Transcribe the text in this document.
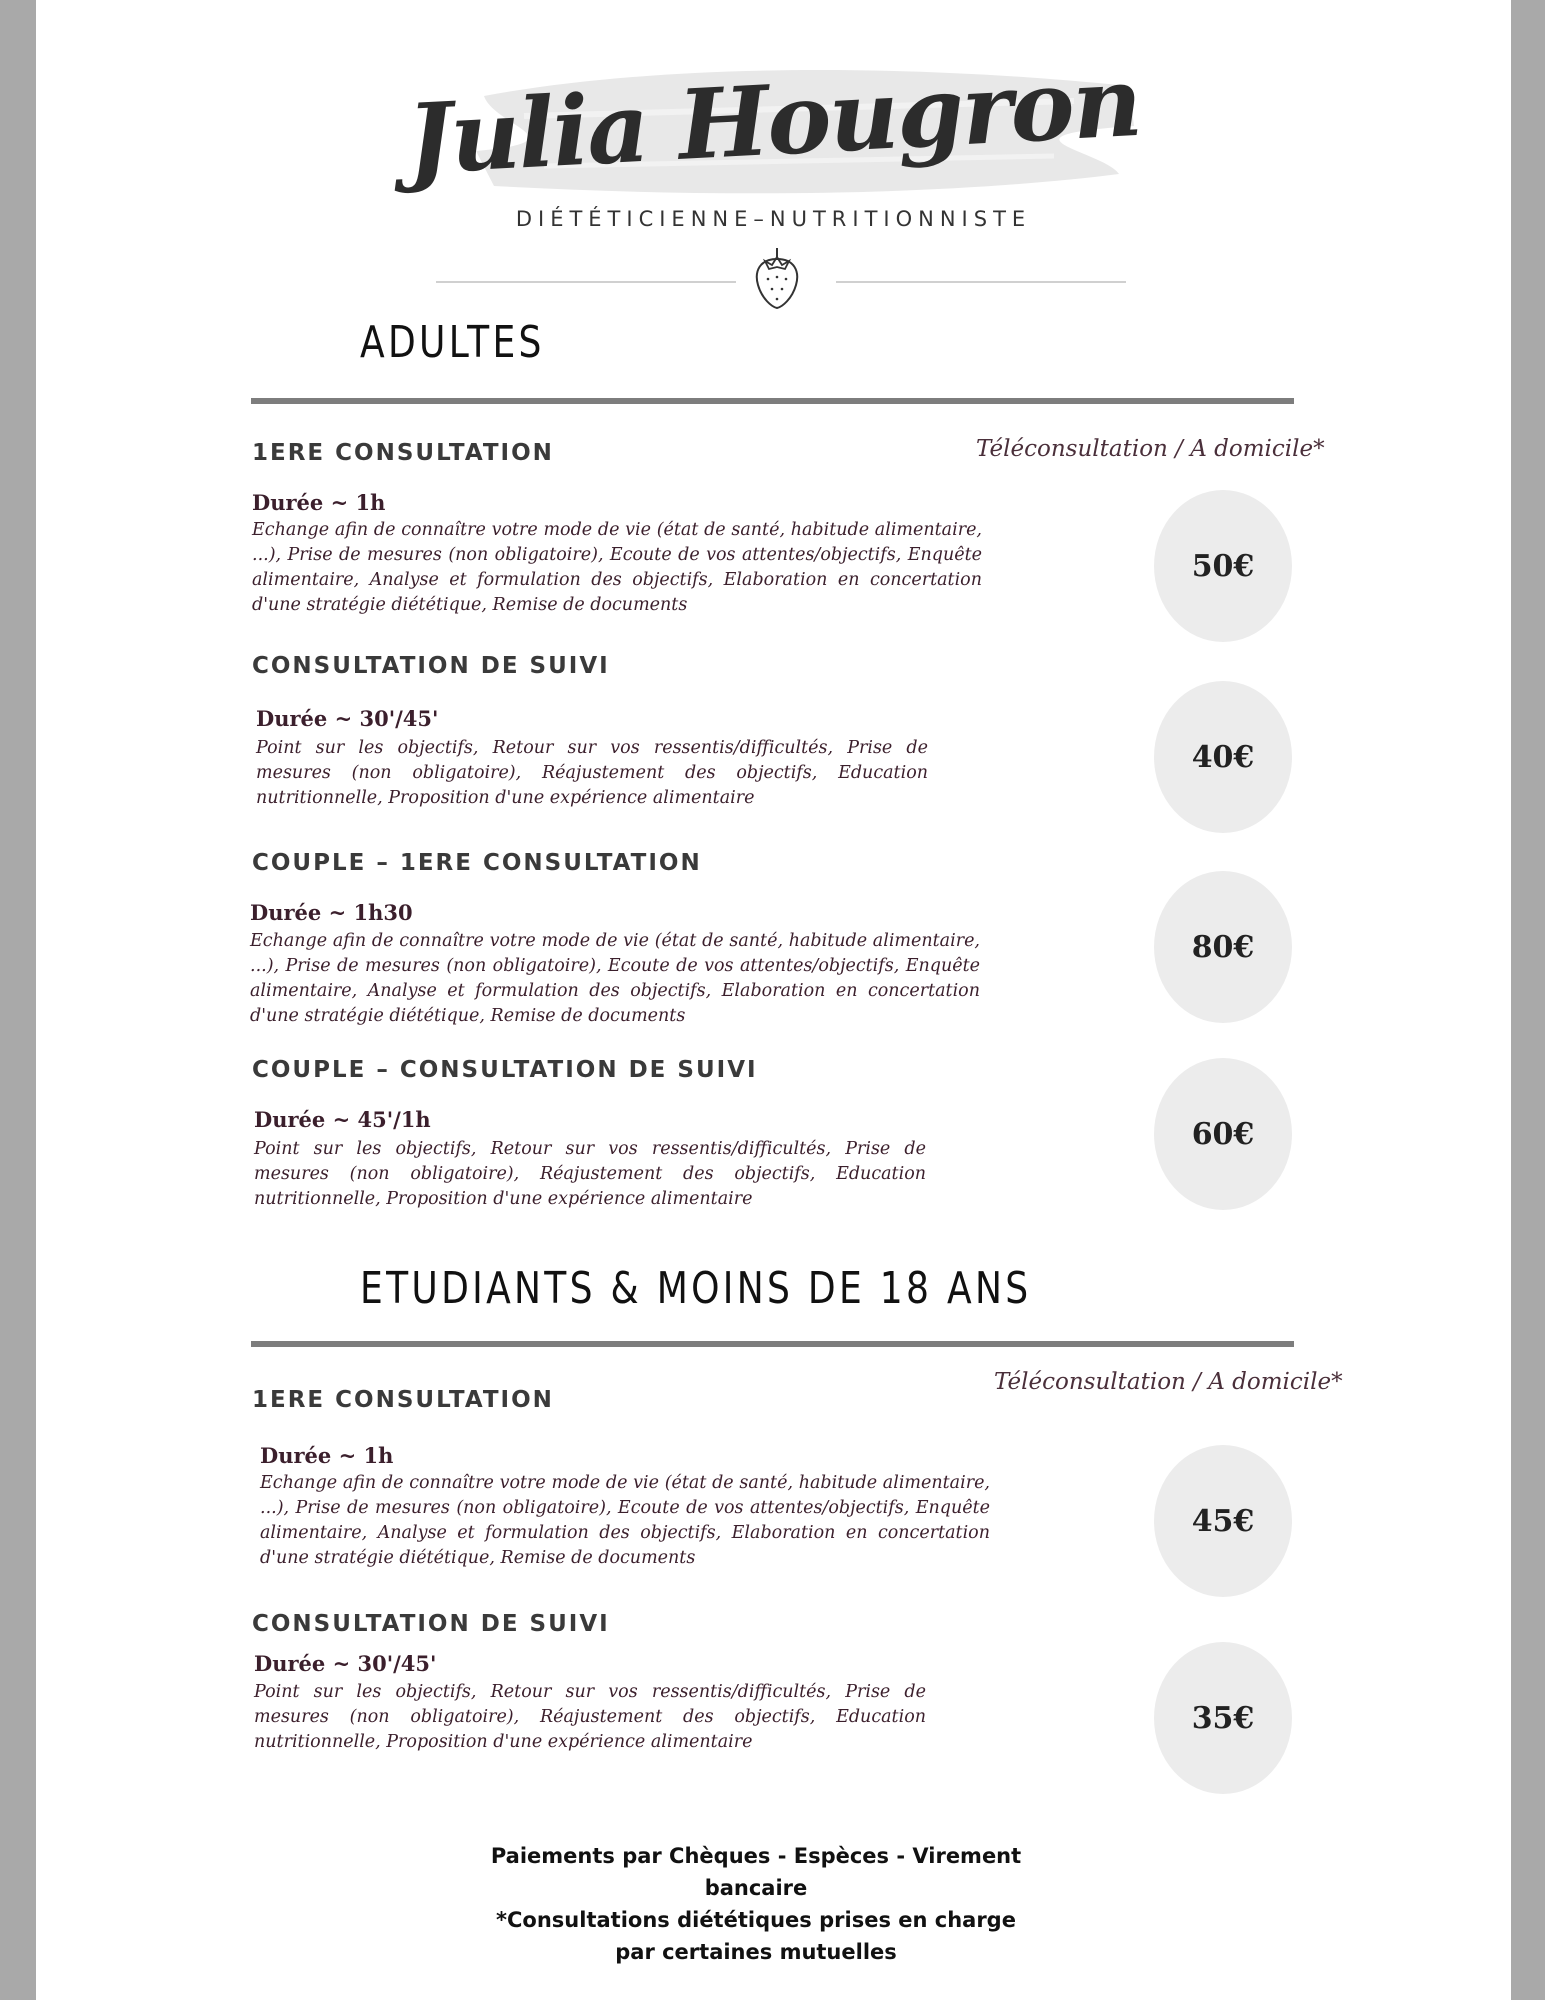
Julia Hougron
DIÉTÉTICIENNE–NUTRITIONNISTE
ADULTES
Téléconsultation / A domicile*
1ERE CONSULTATION
Durée ~ 1h
Echange afin de connaître votre mode de vie (état de santé, habitude alimentaire, ...), Prise de mesures (non obligatoire), Ecoute de vos attentes/objectifs, Enquête alimentaire, Analyse et formulation des objectifs, Elaboration en concertation d'une stratégie diététique, Remise de documents
50€
CONSULTATION DE SUIVI
Durée ~ 30'/45'
Point sur les objectifs, Retour sur vos ressentis/difficultés, Prise de mesures (non obligatoire), Réajustement des objectifs, Education nutritionnelle, Proposition d'une expérience alimentaire
40€
COUPLE – 1ERE CONSULTATION
Durée ~ 1h30
Echange afin de connaître votre mode de vie (état de santé, habitude alimentaire, ...), Prise de mesures (non obligatoire), Ecoute de vos attentes/objectifs, Enquête alimentaire, Analyse et formulation des objectifs, Elaboration en concertation d'une stratégie diététique, Remise de documents
80€
COUPLE – CONSULTATION DE SUIVI
Durée ~ 45'/1h
Point sur les objectifs, Retour sur vos ressentis/difficultés, Prise de mesures (non obligatoire), Réajustement des objectifs, Education nutritionnelle, Proposition d'une expérience alimentaire
60€
ETUDIANTS & MOINS DE 18 ANS
Téléconsultation / A domicile*
1ERE CONSULTATION
Durée ~ 1h
Echange afin de connaître votre mode de vie (état de santé, habitude alimentaire, ...), Prise de mesures (non obligatoire), Ecoute de vos attentes/objectifs, Enquête alimentaire, Analyse et formulation des objectifs, Elaboration en concertation d'une stratégie diététique, Remise de documents
45€
CONSULTATION DE SUIVI
Durée ~ 30'/45'
Point sur les objectifs, Retour sur vos ressentis/difficultés, Prise de mesures (non obligatoire), Réajustement des objectifs, Education nutritionnelle, Proposition d'une expérience alimentaire
35€
Paiements par Chèques - Espèces - Virement bancaire
*Consultations diététiques prises en charge par certaines mutuelles
